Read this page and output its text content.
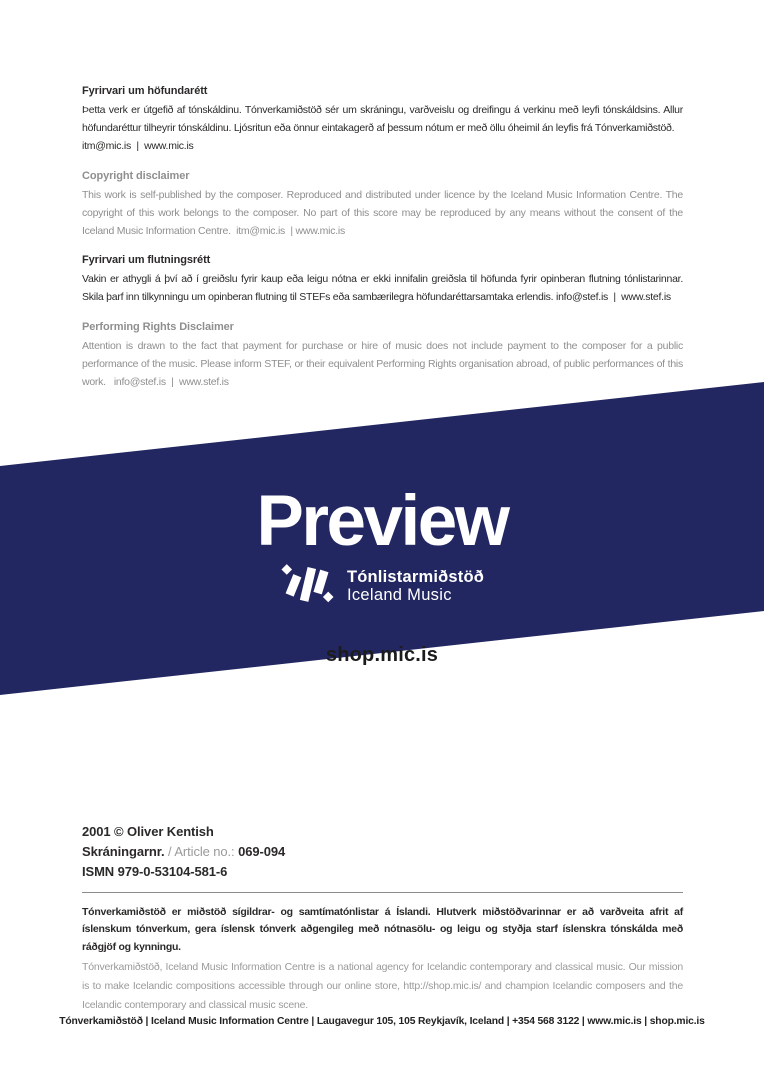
Fyrirvari um höfundarétt

Þetta verk er útgefið af tónskáldinu. Tónverkamiðstöð sér um skráningu, varðveislu og dreifingu á verkinu með leyfi tónskáldsins. Allur höfundaréttur tilheyrir tónskáldinu. Ljósritun eða önnur eintakagerð af þessum nótum er með öllu óheimil án leyfis frá Tónverkamiðstöð.

itm@mic.is  |  www.mic.is

Copyright disclaimer

This work is self-published by the composer. Reproduced and distributed under licence by the Iceland Music Information Centre. The copyright of this work belongs to the composer. No part of this score may be reproduced by any means without the consent of the Iceland Music Information Centre.  itm@mic.is  | www.mic.is

Fyrirvari um flutningsrétt

Vakin er athygli á því að í greiðslu fyrir kaup eða leigu nótna er ekki innifalin greiðsla til höfunda fyrir opinberan flutning tónlistarinnar. Skila þarf inn tilkynningu um opinberan flutning til STEFs eða sambærilegra höfundaréttarsamtaka erlendis. info@stef.is  |  www.stef.is

Performing Rights Disclaimer

Attention is drawn to the fact that payment for purchase or hire of music does not include payment to the composer for a public performance of the music. Please inform STEF, or their equivalent Performing Rights organisation abroad, of public performances of this work.   info@stef.is  |  www.stef.is

Preview
Tónlistarmiðstöð
Iceland Music
shop.mic.is
2001 © Oliver Kentish
Skráningarnr. / Article no.: 069-094
ISMN 979-0-53104-581-6

Tónverkamiðstöð er miðstöð sígildrar- og samtímatónlistar á Íslandi. Hlutverk miðstöðvarinnar er að varðveita afrit af íslenskum tónverkum, gera íslensk tónverk aðgengileg með nótnasölu- og leigu og styðja starf íslenskra tónskálda með ráðgjöf og kynningu.

Tónverkamiðstöð, Iceland Music Information Centre is a national agency for Icelandic contemporary and classical music. Our mission is to make Icelandic compositions accessible through our online store, http://shop.mic.is/ and champion Icelandic composers and the Icelandic contemporary and classical music scene.

Tónverkamiðstöð | Iceland Music Information Centre | Laugavegur 105, 105 Reykjavík, Iceland | +354 568 3122 | www.mic.is | shop.mic.is
